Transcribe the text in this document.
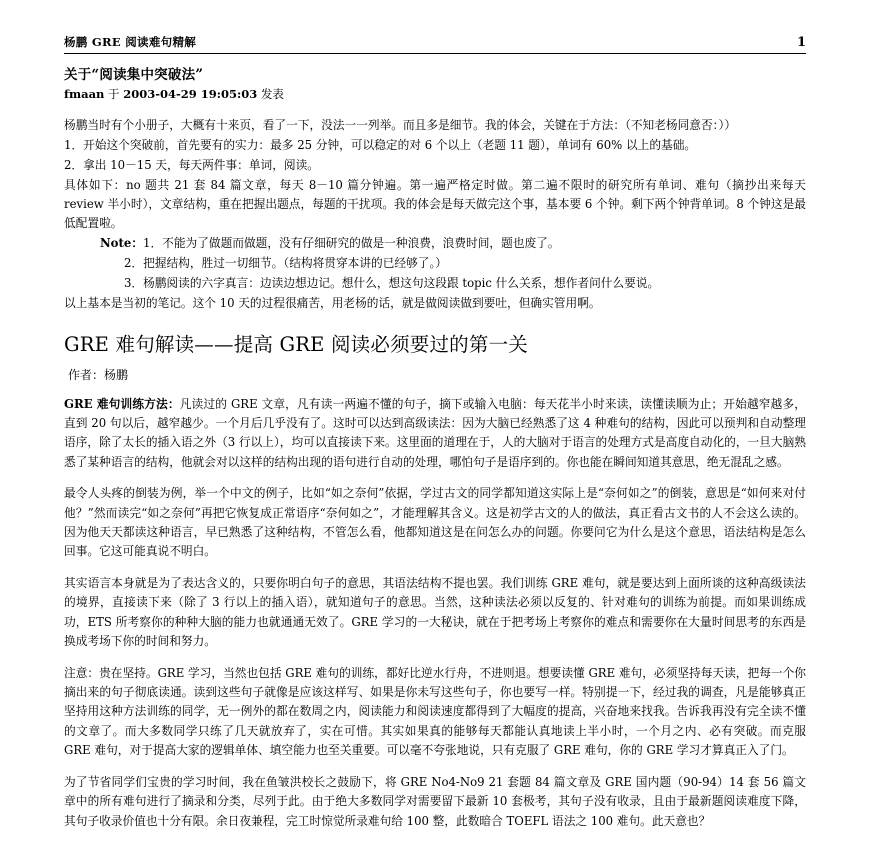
杨鹏 GRE 阅读难句精解	1

关于“阅读集中突破法”

fmaan 于 2003-04-29 19:05:03 发表

杨鹏当时有个小册子，大概有十来页，看了一下，没法一一列举。而且多是细节。我的体会，关键在于方法：（不知老杨同意否：））

1．开始这个突破前，首先要有的实力：最多 25 分钟，可以稳定的对 6 个以上（老题 11 题），单词有 60% 以上的基础。

2．拿出 10－15 天，每天两件事：单词，阅读。

具体如下：no 题共 21 套 84 篇文章，每天 8－10 篇分钟遍。第一遍严格定时做。第二遍不限时的研究所有单词、难句（摘抄出来每天 review 半小时），文章结构，重在把握出题点，每题的干扰项。我的体会是每天做完这个事，基本要 6 个钟。剩下两个钟背单词。8 个钟这是最低配置啦。

Note：1．不能为了做题而做题，没有仔细研究的做是一种浪费，浪费时间，题也废了。

2．把握结构，胜过一切细节。（结构将贯穿本讲的已经够了。）

3．杨鹏阅读的六字真言：边读边想边记。想什么，想这句这段跟 topic 什么关系，想作者问什么要说。

以上基本是当初的笔记。这个 10 天的过程很痛苦，用老杨的话，就是做阅读做到要吐，但确实管用啊。

GRE 难句解读——提高 GRE 阅读必须要过的第一关

作者：杨鹏

GRE 难句训练方法：凡读过的 GRE 文章，凡有读一两遍不懂的句子，摘下或输入电脑：每天花半小时来读，读懂读顺为止；开始越窄越多，直到 20 句以后，越窄越少。一个月后几乎没有了。这时可以达到高级读法：因为大脑已经熟悉了这 4 种难句的结构，因此可以预判和自动整理语序，除了太长的插入语之外（3 行以上），均可以直接读下来。这里面的道理在于，人的大脑对于语言的处理方式是高度自动化的，一旦大脑熟悉了某种语言的结构，他就会对以这样的结构出现的语句进行自动的处理，哪怕句子是语序到的。你也能在瞬间知道其意思，绝无混乱之感。

最令人头疼的倒装为例，举一个中文的例子，比如“如之奈何”依据，学过古文的同学都知道这实际上是“奈何如之”的倒装，意思是“如何来对付他？”然而读完“如之奈何”再把它恢复成正常语序“奈何如之”，才能理解其含义。这是初学古文的人的做法，真正看古文书的人不会这么读的。因为他天天都读这种语言，早已熟悉了这种结构，不管怎么看，他都知道这是在问怎么办的问题。你要问它为什么是这个意思，语法结构是怎么回事。它这可能真说不明白。

其实语言本身就是为了表达含义的，只要你明白句子的意思，其语法结构不提也罢。我们训练 GRE 难句，就是要达到上面所谈的这种高级读法的境界，直接读下来（除了 3 行以上的插入语），就知道句子的意思。当然，这种读法必须以反复的、针对难句的训练为前提。而如果训练成功，ETS 所考察你的种种大脑的能力也就通通无效了。GRE 学习的一大秘诀，就在于把考场上考察你的难点和需要你在大量时间思考的东西是换成考场下你的时间和努力。

注意：贵在坚持。GRE 学习，当然也包括 GRE 难句的训练，都好比逆水行舟，不进则退。想要读懂 GRE 难句，必须坚持每天读，把每一个你摘出来的句子彻底读通。读到这些句子就像是应该这样写、如果是你未写这些句子，你也要写一样。特别提一下，经过我的调查，凡是能够真正坚持用这种方法训练的同学，无一例外的都在数周之内，阅读能力和阅读速度都得到了大幅度的提高，兴奋地来找我。告诉我再没有完全读不懂的文章了。而大多数同学只练了几天就放弃了，实在可惜。其实如果真的能够每天都能认真地读上半小时，一个月之内、必有突破。而克服 GRE 难句，对于提高大家的逻辑单体、填空能力也至关重要。可以毫不夸张地说，只有克服了 GRE 难句，你的 GRE 学习才算真正入了门。

为了节省同学们宝贵的学习时间，我在鱼皱洪校长之鼓励下，将 GRE No4-No9 21 套题 84 篇文章及 GRE 国内题（90-94）14 套 56 篇文章中的所有难句进行了摘录和分类，尽列于此。由于绝大多数同学对需要留下最新 10 套极考，其句子没有收录，且由于最新题阅读难度下降，其句子收录价值也十分有限。余日夜兼程，完工时惊觉所录难句给 100 整，此数暗合 TOEFL 语法之 100 难句。此天意也？
